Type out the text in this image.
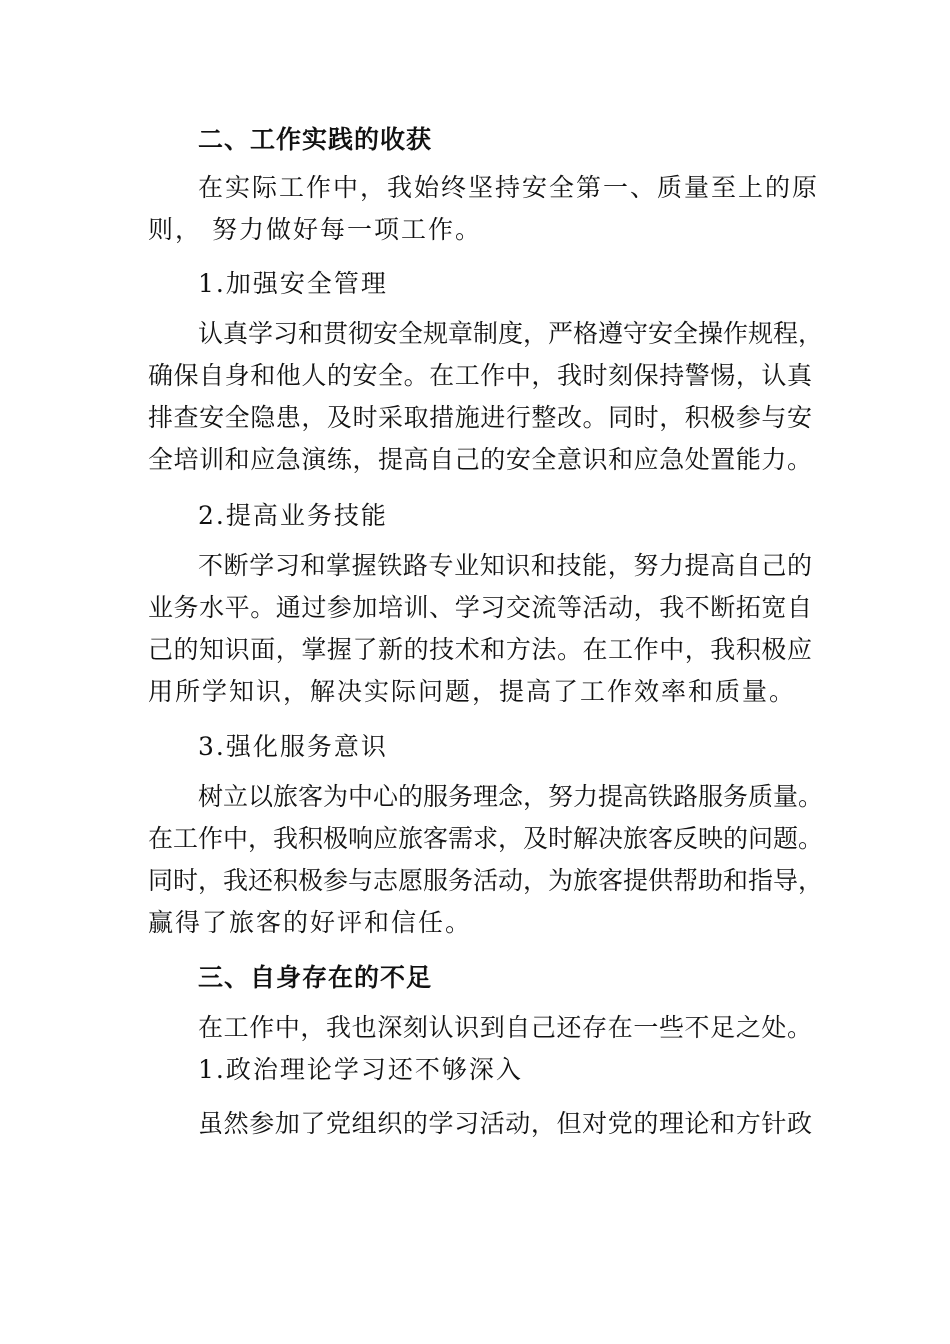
二、工作实践的收获
在实际工作中，我始终坚持安全第一、质量至上的原
则， 努力做好每一项工作。
1.加强安全管理
认真学习和贯彻安全规章制度，严格遵守安全操作规程，
确保自身和他人的安全。在工作中，我时刻保持警惕，认真
排查安全隐患，及时采取措施进行整改。同时，积极参与安
全培训和应急演练，提高自己的安全意识和应急处置能力。
2.提高业务技能
不断学习和掌握铁路专业知识和技能，努力提高自己的
业务水平。通过参加培训、学习交流等活动，我不断拓宽自
己的知识面，掌握了新的技术和方法。在工作中，我积极应
用所学知识，解决实际问题，提高了工作效率和质量。
3.强化服务意识
树立以旅客为中心的服务理念，努力提高铁路服务质量。
在工作中，我积极响应旅客需求，及时解决旅客反映的问题。
同时，我还积极参与志愿服务活动，为旅客提供帮助和指导，
赢得了旅客的好评和信任。
三、自身存在的不足
在工作中，我也深刻认识到自己还存在一些不足之处。
1.政治理论学习还不够深入
虽然参加了党组织的学习活动，但对党的理论和方针政
